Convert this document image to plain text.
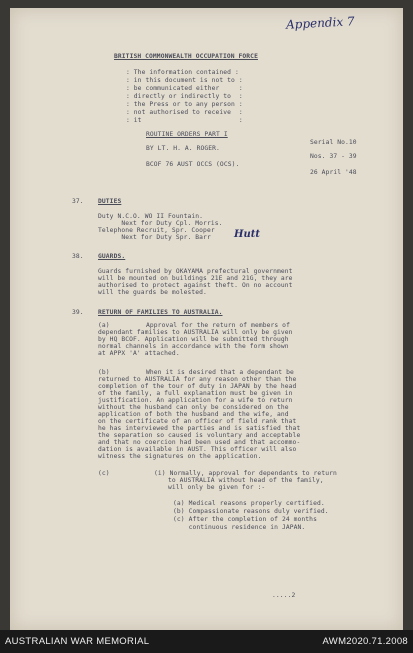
Appendix 7
BRITISH COMMONWEALTH OCCUPATION FORCE
: The information contained :
: in this document is not to :
: be communicated either     :
: directly or indirectly to  :
: the Press or to any person :
: not authorised to receive  :
: it                         :
ROUTINE ORDERS PART I
Serial No.10
BY LT. H. A. ROGER.
Nos. 37 - 39
BCOF 76 AUST OCCS (OCS).
26 April '48
37. DUTIES
Duty N.C.O. WO II Fountain.
Next for Duty Cpl. Morris.
Telephone Recruit, Spr. Cooper
Next for Duty Spr. Barr Hutt
38. GUARDS.
Guards furnished by OKAYAMA prefectural government
will be mounted on buildings 21E and 21G, they are
authorised to protect against theft. On no account
will the guards be molested.
39. RETURN OF FAMILIES TO AUSTRALIA.
(a)	Approval for the return of members of
dependant families to AUSTRALIA will only be given
by HQ BCOF. Application will be submitted through
normal channels in accordance with the form shown
at APPX 'A' attached.
(b)	When it is desired that a dependant be
returned to AUSTRALIA for any reason other than the
completion of the tour of duty in JAPAN by the head
of the family, a full explanation must be given in
justification. An application for a wife to return
without the husband can only be considered on the
application of both the husband and the wife, and
on the certificate of an officer of field rank that
he has interviewed the parties and is satisfied that
the separation so caused is voluntary and acceptable
and that no coercion had been used and that accommo-
dation is available in AUST. This officer will also
witness the signatures on the application.
(c)	(i) Normally, approval for dependants to return
to AUSTRALIA without head of the family,
will only be given for :-
(a) Medical reasons properly certified.
(b) Compassionate reasons duly verified.
(c) After the completion of 24 months
continuous residence in JAPAN.
.....2
AUSTRALIAN WAR MEMORIAL	AWM2020.71.2008
